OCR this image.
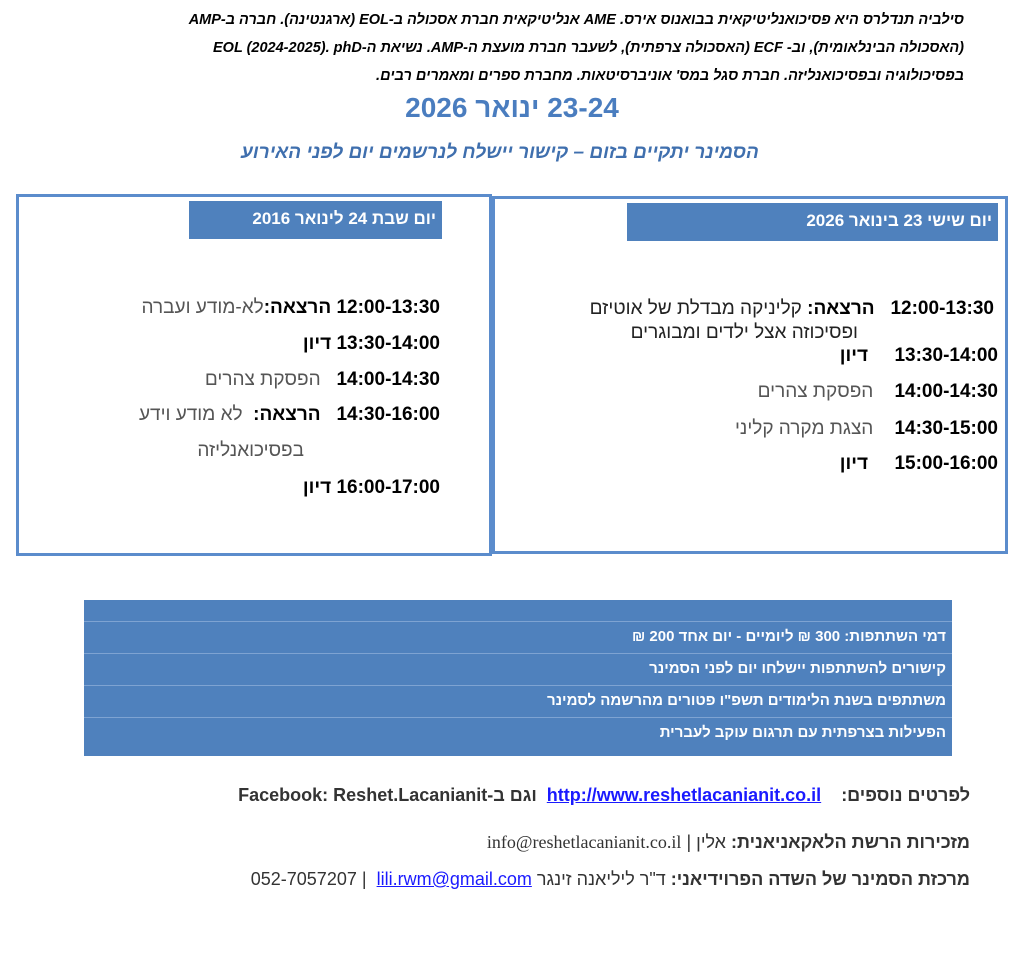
סילביה תנדלרס היא פסיכואנליטיקאית בבואנוס אירס. AME אנליטיקאית חברת אסכולה ב-EOL (ארגנטינה). חברה ב-AMP
(האסכולה הבינלאומית), וב- ECF (האסכולה צרפתית), לשעבר חברת מועצת ה-AMP. נשיאת ה-EOL (2024-2025). phD
בפסיכולוגיה ובפסיכואנליזה. חברת סגל במס' אוניברסיטאות. מחברת ספרים ומאמרים רבים.
23-24 ינואר 2026
הסמינר יתקיים בזום – קישור יישלח לנרשמים יום לפני האירוע
יום שישי 23 בינואר 2026
12:00-13:30   הרצאה: קליניקה מבדלת של אוטיזם
ופסיכוזה אצל ילדים ומבוגרים
13:30-14:00     דיון
14:00-14:30    הפסקת צהרים
14:30-15:00    הצגת מקרה קליני
15:00-16:00     דיון
יום שבת 24 לינואר 2016
12:00-13:30 הרצאה:לא-מודע ועברה
13:30-14:00 דיון
14:00-14:30   הפסקת צהרים
14:30-16:00   הרצאה:  לא מודע וידע
בפסיכואנליזה
16:00-17:00 דיון
דמי השתתפות: 300 ₪ ליומיים - יום אחד 200 ₪
קישורים להשתתפות יישלחו יום לפני הסמינר
משתתפים בשנת הלימודים תשפ"ו פטורים מהרשמה לסמינר
הפעילות בצרפתית עם תרגום עוקב לעברית
לפרטים נוספים:    http://www.reshetlacanianit.co.il  וגם ב-Facebook: Reshet.Lacanianit
מזכירות הרשת הלאקאניאנית: אלין | info@reshetlacanianit.co.il
מרכזת הסמינר של השדה הפרוידיאני: ד"ר ליליאנה זינגר 052-7057207 | lili.rwm@gmail.com
